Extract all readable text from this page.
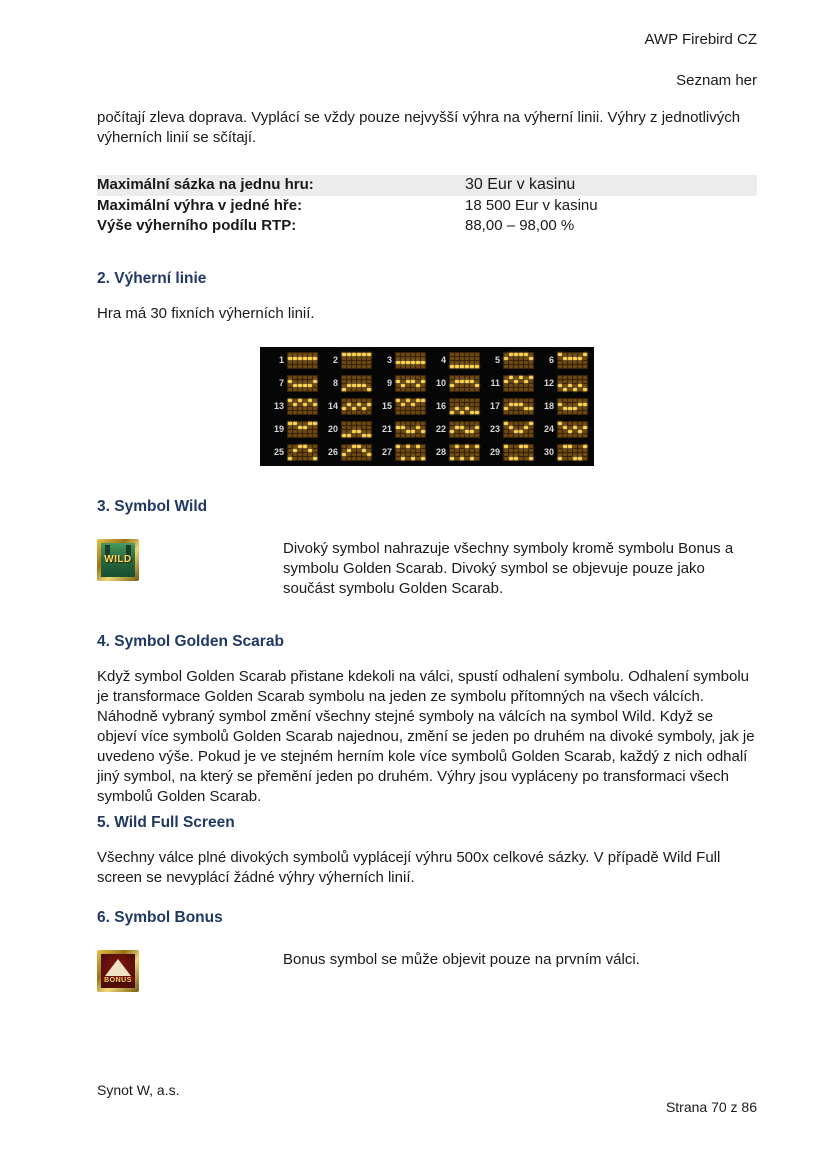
AWP Firebird CZ
Seznam her
počítají zleva doprava. Vyplácí se vždy pouze nejvyšší výhra na výherní linii. Výhry z jednotlivých výherních linií se sčítají.
Maximální sázka na jednu hru:	30 Eur v kasinu
Maximální výhra v jedné hře:	18 500 Eur v kasinu
Výše výherního podílu RTP:	88,00 – 98,00 %
2. Výherní linie
Hra má 30 fixních výherních linií.
1	2	3	4	5	6
7	8	9	10	11	12
13	14	15	16	17	18
19	20	21	22	23	24
25	26	27	28	29	30
3. Symbol Wild
WILD
Divoký symbol nahrazuje všechny symboly kromě symbolu Bonus a symbolu Golden Scarab. Divoký symbol se objevuje pouze jako součást symbolu Golden Scarab.
4. Symbol Golden Scarab
Když symbol Golden Scarab přistane kdekoli na válci, spustí odhalení symbolu. Odhalení symbolu je transformace Golden Scarab symbolu na jeden ze symbolu přítomných na všech válcích. Náhodně vybraný symbol změní všechny stejné symboly na válcích na symbol Wild. Když se objeví více symbolů Golden Scarab najednou, změní se jeden po druhém na divoké symboly, jak je uvedeno výše. Pokud je ve stejném herním kole více symbolů Golden Scarab, každý z nich odhalí jiný symbol, na který se přemění jeden po druhém. Výhry jsou vypláceny po transformaci všech symbolů Golden Scarab.
5. Wild Full Screen
Všechny válce plné divokých symbolů vyplácejí výhru 500x celkové sázky. V případě Wild Full screen se nevyplácí žádné výhry výherních linií.
6. Symbol Bonus
BONUS
Bonus symbol se může objevit pouze na prvním válci.
Synot W, a.s.
Strana 70 z 86
